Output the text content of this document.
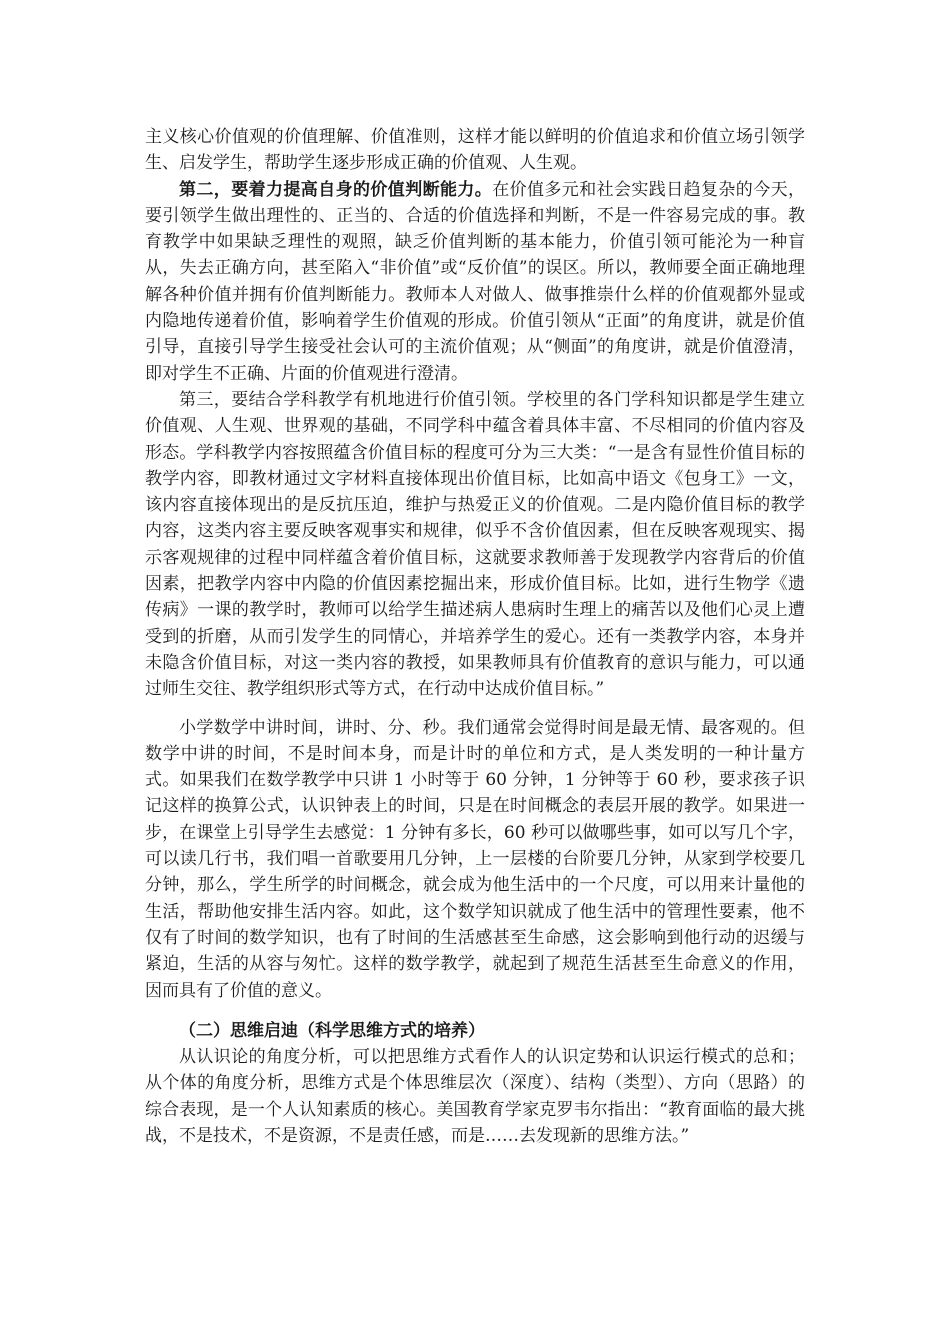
主义核心价值观的价值理解、价值准则，这样才能以鲜明的价值追求和价值立场引领学生、启发学生，帮助学生逐步形成正确的价值观、人生观。

第二，要着力提高自身的价值判断能力。在价值多元和社会实践日趋复杂的今天，要引领学生做出理性的、正当的、合适的价值选择和判断，不是一件容易完成的事。教育教学中如果缺乏理性的观照，缺乏价值判断的基本能力，价值引领可能沦为一种盲从，失去正确方向，甚至陷入“非价值”或“反价值”的误区。所以，教师要全面正确地理解各种价值并拥有价值判断能力。教师本人对做人、做事推崇什么样的价值观都外显或内隐地传递着价值，影响着学生价值观的形成。价值引领从“正面”的角度讲，就是价值引导，直接引导学生接受社会认可的主流价值观；从“侧面”的角度讲，就是价值澄清，即对学生不正确、片面的价值观进行澄清。

第三，要结合学科教学有机地进行价值引领。学校里的各门学科知识都是学生建立价值观、人生观、世界观的基础，不同学科中蕴含着具体丰富、不尽相同的价值内容及形态。学科教学内容按照蕴含价值目标的程度可分为三大类：“一是含有显性价值目标的教学内容，即教材通过文字材料直接体现出价值目标，比如高中语文《包身工》一文，该内容直接体现出的是反抗压迫，维护与热爱正义的价值观。二是内隐价值目标的教学内容，这类内容主要反映客观事实和规律，似乎不含价值因素，但在反映客观现实、揭示客观规律的过程中同样蕴含着价值目标，这就要求教师善于发现教学内容背后的价值因素，把教学内容中内隐的价值因素挖掘出来，形成价值目标。比如，进行生物学《遗传病》一课的教学时，教师可以给学生描述病人患病时生理上的痛苦以及他们心灵上遭受到的折磨，从而引发学生的同情心，并培养学生的爱心。还有一类教学内容，本身并未隐含价值目标，对这一类内容的教授，如果教师具有价值教育的意识与能力，可以通过师生交往、教学组织形式等方式，在行动中达成价值目标。”

小学数学中讲时间，讲时、分、秒。我们通常会觉得时间是最无情、最客观的。但数学中讲的时间，不是时间本身，而是计时的单位和方式，是人类发明的一种计量方式。如果我们在数学教学中只讲 1 小时等于 60 分钟，1 分钟等于 60 秒，要求孩子识记这样的换算公式，认识钟表上的时间，只是在时间概念的表层开展的教学。如果进一步，在课堂上引导学生去感觉：1 分钟有多长，60 秒可以做哪些事，如可以写几个字，可以读几行书，我们唱一首歌要用几分钟，上一层楼的台阶要几分钟，从家到学校要几分钟，那么，学生所学的时间概念，就会成为他生活中的一个尺度，可以用来计量他的生活，帮助他安排生活内容。如此，这个数学知识就成了他生活中的管理性要素，他不仅有了时间的数学知识，也有了时间的生活感甚至生命感，这会影响到他行动的迟缓与紧迫，生活的从容与匆忙。这样的数学教学，就起到了规范生活甚至生命意义的作用，因而具有了价值的意义。

（二）思维启迪（科学思维方式的培养）

从认识论的角度分析，可以把思维方式看作人的认识定势和认识运行模式的总和；从个体的角度分析，思维方式是个体思维层次（深度）、结构（类型）、方向（思路）的综合表现，是一个人认知素质的核心。美国教育学家克罗韦尔指出：“教育面临的最大挑战，不是技术，不是资源，不是责任感，而是……去发现新的思维方法。”
